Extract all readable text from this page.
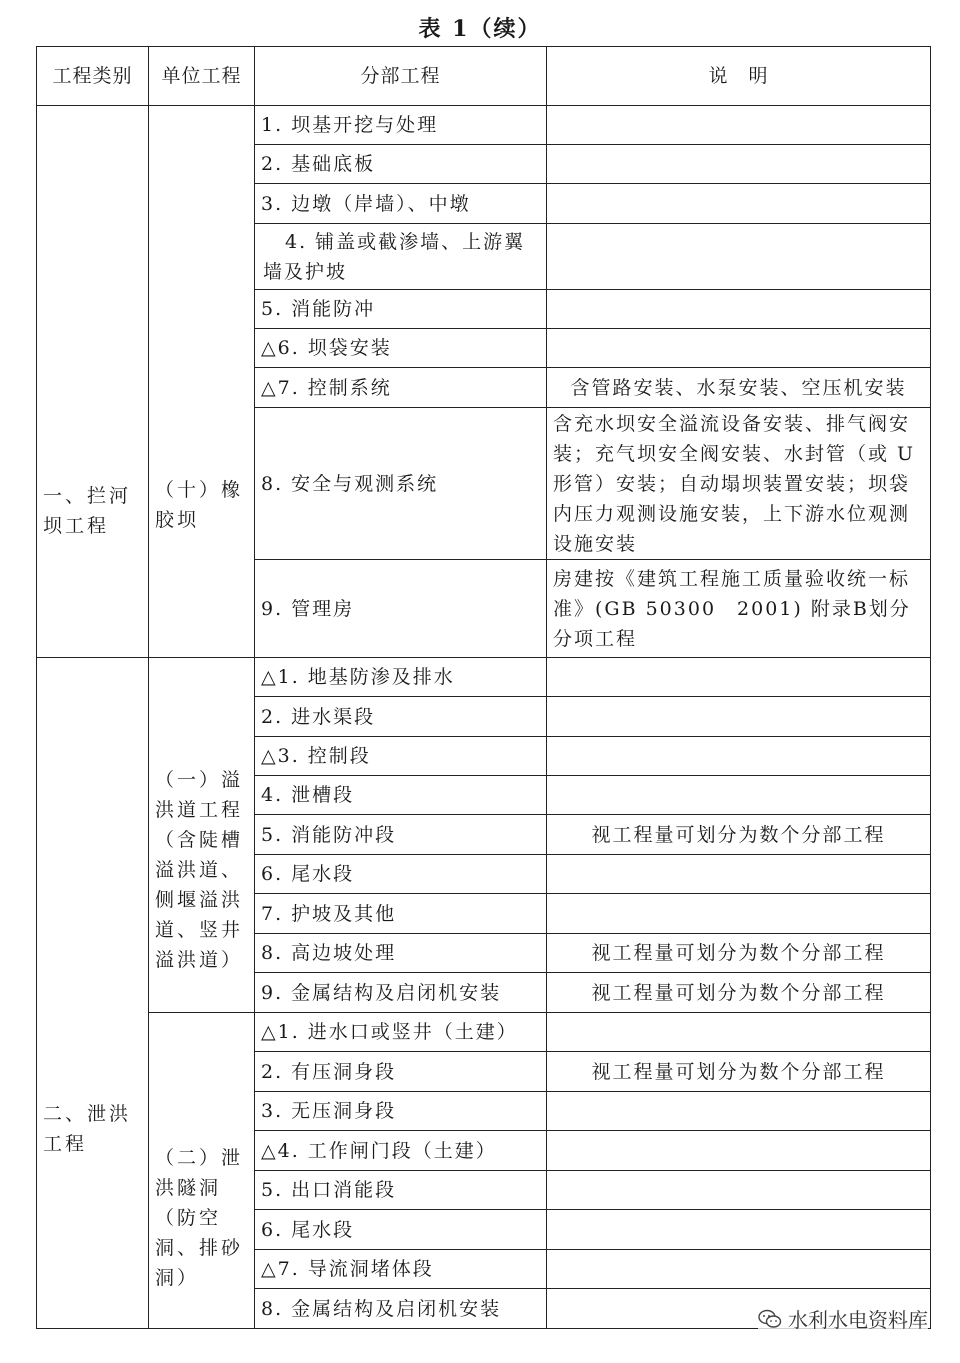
表 1（续）
工程类别	单位工程	分部工程	说　明
一、拦河坝工程	（十）橡胶坝	1. 坝基开挖与处理	
		2. 基础底板	
		3. 边墩（岸墙）、中墩	
		4. 铺盖或截渗墙、上游翼墙及护坡	
		5. 消能防冲	
		△6. 坝袋安装	
		△7. 控制系统	含管路安装、水泵安装、空压机安装
		8. 安全与观测系统	含充水坝安全溢流设备安装、排气阀安装；充气坝安全阀安装、水封管（或 U 形管）安装；自动塌坝装置安装；坝袋内压力观测设施安装，上下游水位观测设施安装
		9. 管理房	房建按《建筑工程施工质量验收统一标准》(GB 50300　2001) 附录B划分分项工程
二、泄洪工程	（一）溢洪道工程（含陡槽溢洪道、侧堰溢洪道、竖井溢洪道）	△1. 地基防渗及排水	
		2. 进水渠段	
		△3. 控制段	
		4. 泄槽段	
		5. 消能防冲段	视工程量可划分为数个分部工程
		6. 尾水段	
		7. 护坡及其他	
		8. 高边坡处理	视工程量可划分为数个分部工程
		9. 金属结构及启闭机安装	视工程量可划分为数个分部工程
	（二）泄洪隧洞（防空洞、排砂洞）	△1. 进水口或竖井（土建）	
		2. 有压洞身段	视工程量可划分为数个分部工程
		3. 无压洞身段	
		△4. 工作闸门段（土建）	
		5. 出口消能段	
		6. 尾水段	
		△7. 导流洞堵体段	
		8. 金属结构及启闭机安装		水利水电资料库
